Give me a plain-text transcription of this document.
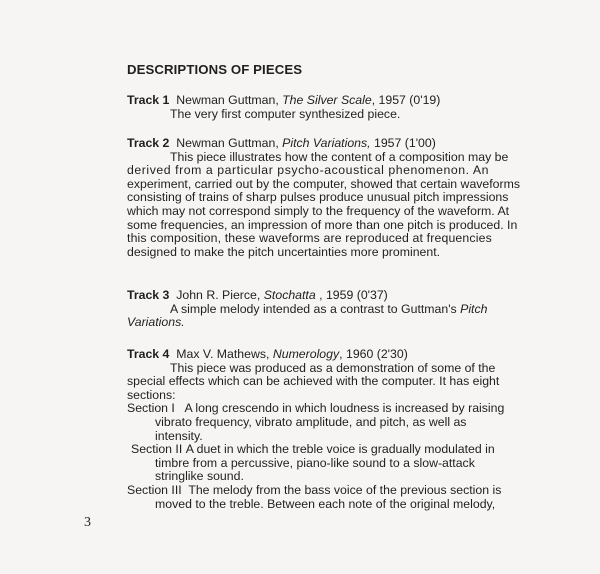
DESCRIPTIONS OF PIECES
Track 1 Newman Guttman, The Silver Scale, 1957 (0'19)
The very first computer synthesized piece.
Track 2 Newman Guttman, Pitch Variations, 1957 (1'00)
This piece illustrates how the content of a composition may be
derived from a particular psycho-acoustical phenomenon. An
experiment, carried out by the computer, showed that certain waveforms
consisting of trains of sharp pulses produce unusual pitch impressions
which may not correspond simply to the frequency of the waveform. At
some frequencies, an impression of more than one pitch is produced. In
this composition, these waveforms are reproduced at frequencies
designed to make the pitch uncertainties more prominent.
Track 3 John R. Pierce, Stochatta , 1959 (0'37)
A simple melody intended as a contrast to Guttman's Pitch
Variations.
Track 4 Max V. Mathews, Numerology, 1960 (2'30)
This piece was produced as a demonstration of some of the
special effects which can be achieved with the computer. It has eight
sections:
Section I A long crescendo in which loudness is increased by raising
vibrato frequency, vibrato amplitude, and pitch, as well as
intensity.
Section II A duet in which the treble voice is gradually modulated in
timbre from a percussive, piano-like sound to a slow-attack
stringlike sound.
Section III The melody from the bass voice of the previous section is
moved to the treble. Between each note of the original melody,
3
